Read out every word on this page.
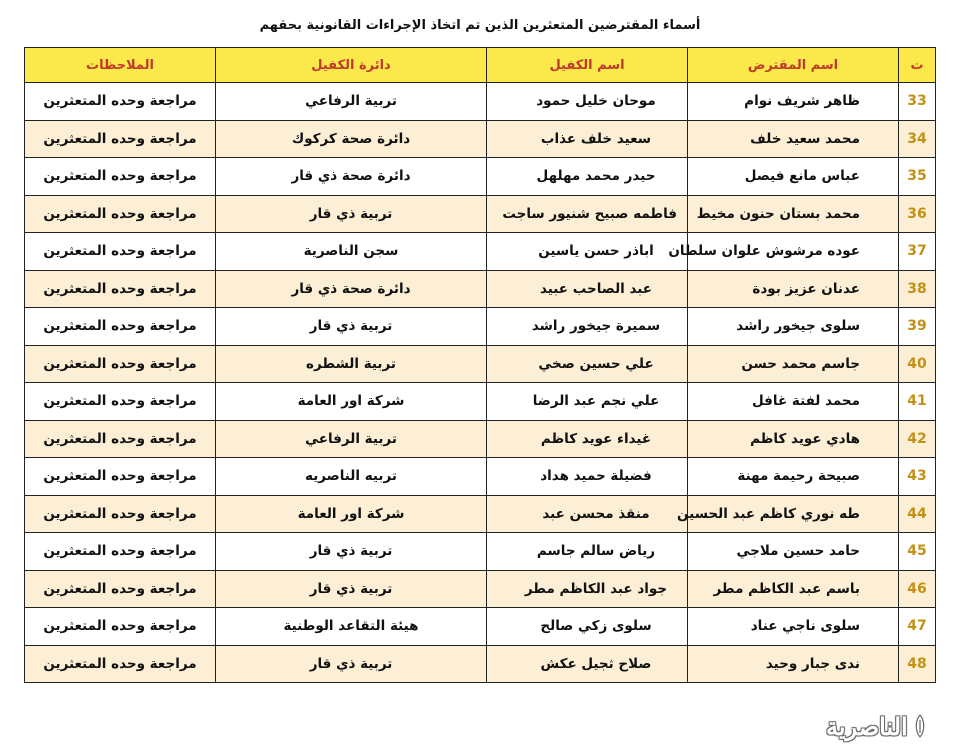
أسماء المقترضين المتعثرين الذين تم اتخاذ الإجراءات القانونية بحقهم
ت	اسم المقترض	اسم الكفيل	دائرة الكفيل	الملاحظات
33	ظاهر شريف نوام	موحان خليل حمود	تربية الرفاعي	مراجعة وحده المتعثرين
34	محمد سعيد خلف	سعيد خلف عذاب	دائرة صحة كركوك	مراجعة وحده المتعثرين
35	عباس مانع فيصل	حيدر محمد مهلهل	دائرة صحة ذي قار	مراجعة وحده المتعثرين
36	محمد بستان حنون مخيط	فاطمه صبيح شنيور ساجت	تربية ذي قار	مراجعة وحده المتعثرين
37	عوده مرشوش علوان سلطان	اباذر حسن ياسين	سجن الناصرية	مراجعة وحده المتعثرين
38	عدنان عزيز بودة	عبد الصاحب عبيد	دائرة صحة ذي قار	مراجعة وحده المتعثرين
39	سلوى جيخور راشد	سميرة جيخور راشد	تربية ذي قار	مراجعة وحده المتعثرين
40	جاسم محمد حسن	علي حسين صخي	تربية الشطره	مراجعة وحده المتعثرين
41	محمد لفتة غافل	علي نجم عبد الرضا	شركة اور العامة	مراجعة وحده المتعثرين
42	هادي عويد كاظم	غيداء عويد كاظم	تربية الرفاعي	مراجعة وحده المتعثرين
43	صبيحة رحيمة مهنة	فضيلة حميد هداد	تربيه الناصريه	مراجعة وحده المتعثرين
44	طه نوري كاظم عبد الحسين	منقذ محسن عبد	شركة اور العامة	مراجعة وحده المتعثرين
45	حامد حسين ملاجي	رياض سالم جاسم	تربية ذي قار	مراجعة وحده المتعثرين
46	باسم عبد الكاظم مطر	جواد عبد الكاظم مطر	تربية ذي قار	مراجعة وحده المتعثرين
47	سلوى ناجي عناد	سلوى زكي صالح	هيئة التقاعد الوطنية	مراجعة وحده المتعثرين
48	ندى جبار وحيد	صلاح ثجيل عكش	تربية ذي قار	مراجعة وحده المتعثرين
الناصرية
